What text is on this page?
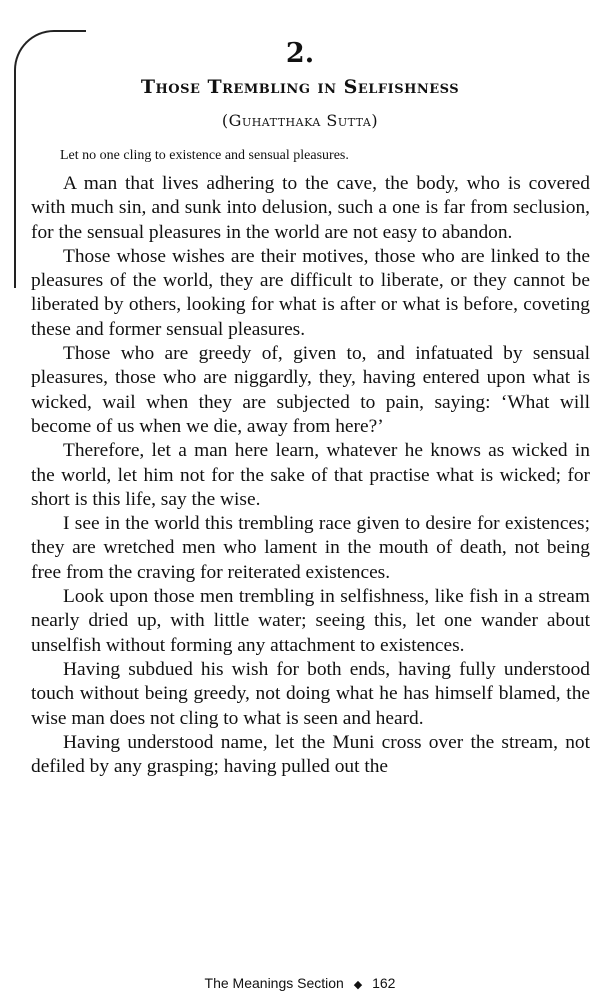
2.
Those Trembling in Selfishness
(Guhatthaka Sutta)
Let no one cling to existence and sensual pleasures.

A man that lives adhering to the cave, the body, who is covered with much sin, and sunk into delusion, such a one is far from seclusion, for the sensual pleasures in the world are not easy to abandon.

Those whose wishes are their motives, those who are linked to the pleasures of the world, they are difficult to liberate, or they cannot be liberated by others, looking for what is after or what is before, coveting these and former sensual pleasures.

Those who are greedy of, given to, and infatuated by sensual pleasures, those who are niggardly, they, having entered upon what is wicked, wail when they are subjected to pain, saying: ‘What will become of us when we die, away from here?’

Therefore, let a man here learn, whatever he knows as wicked in the world, let him not for the sake of that practise what is wicked; for short is this life, say the wise.

I see in the world this trembling race given to desire for existences; they are wretched men who lament in the mouth of death, not being free from the craving for reiterated existences.

Look upon those men trembling in selfishness, like fish in a stream nearly dried up, with little water; seeing this, let one wander about unselfish without forming any attachment to existences.

Having subdued his wish for both ends, having fully understood touch without being greedy, not doing what he has himself blamed, the wise man does not cling to what is seen and heard.

Having understood name, let the Muni cross over the stream, not defiled by any grasping; having pulled out the

The Meanings Section ◆ 162
